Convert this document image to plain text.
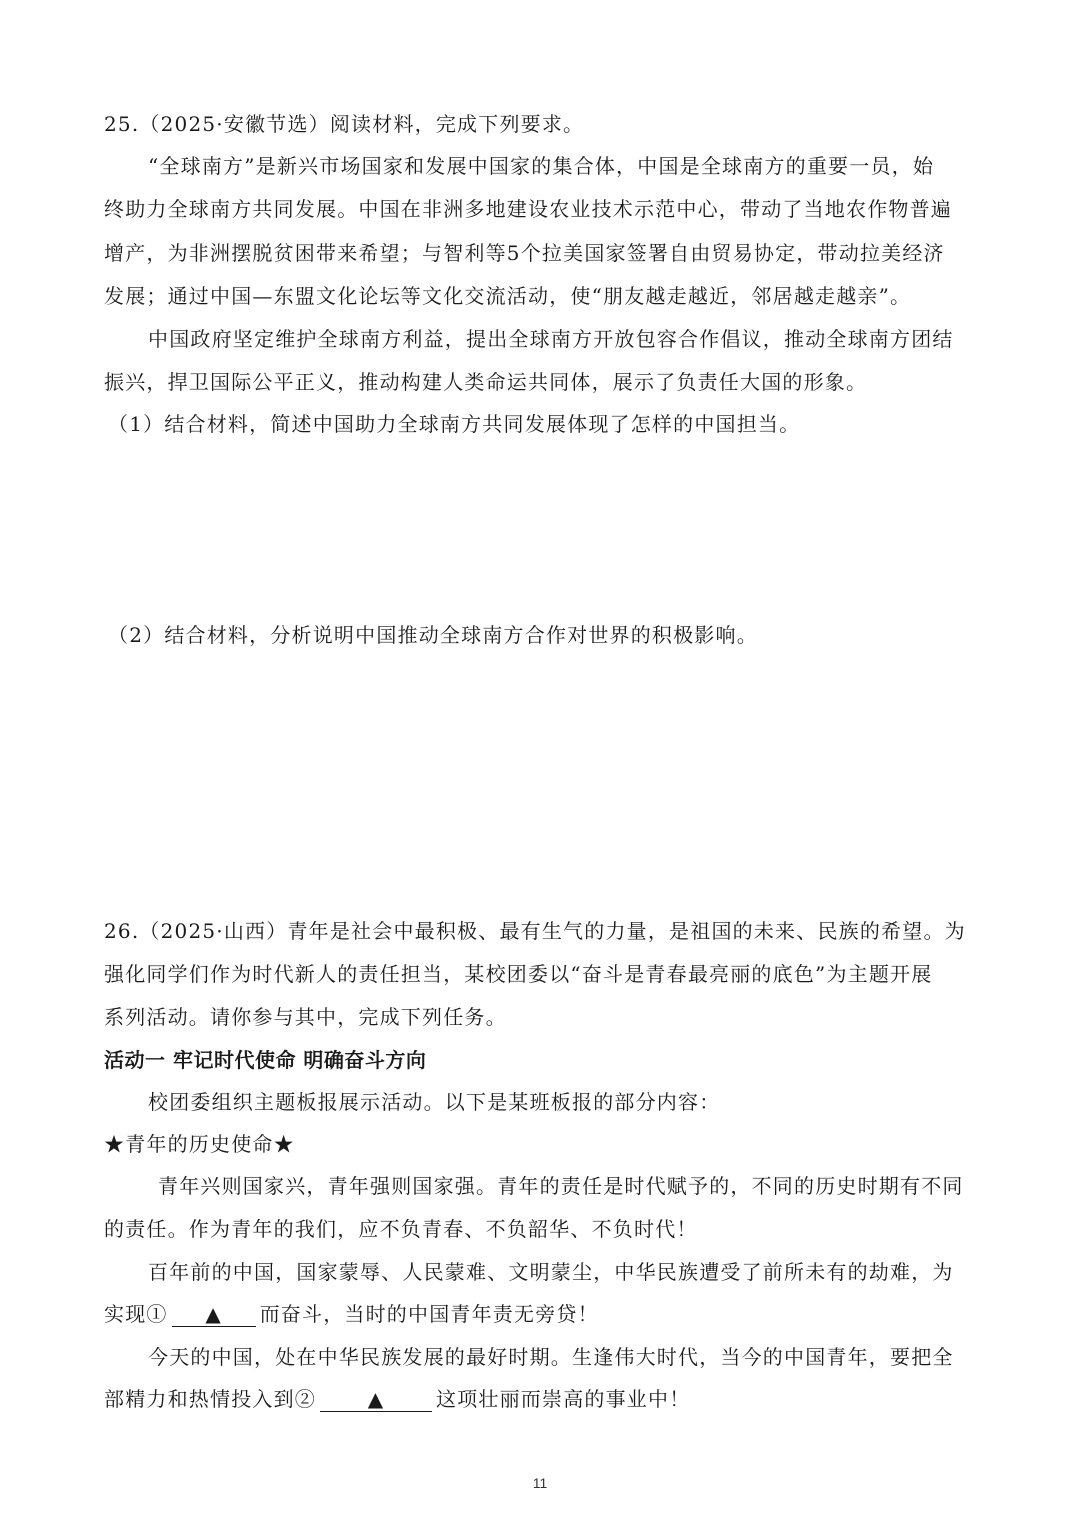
25.（2025·安徽节选）阅读材料，完成下列要求。
“全球南方”是新兴市场国家和发展中国家的集合体，中国是全球南方的重要一员，始
终助力全球南方共同发展。中国在非洲多地建设农业技术示范中心，带动了当地农作物普遍
增产，为非洲摆脱贫困带来希望；与智利等5个拉美国家签署自由贸易协定，带动拉美经济
发展；通过中国—东盟文化论坛等文化交流活动，使“朋友越走越近，邻居越走越亲”。
中国政府坚定维护全球南方利益，提出全球南方开放包容合作倡议，推动全球南方团结
振兴，捍卫国际公平正义，推动构建人类命运共同体，展示了负责任大国的形象。
（1）结合材料，简述中国助力全球南方共同发展体现了怎样的中国担当。
（2）结合材料，分析说明中国推动全球南方合作对世界的积极影响。
26.（2025·山西）青年是社会中最积极、最有生气的力量，是祖国的未来、民族的希望。为
强化同学们作为时代新人的责任担当，某校团委以“奋斗是青春最亮丽的底色”为主题开展
系列活动。请你参与其中，完成下列任务。
活动一 牢记时代使命 明确奋斗方向
校团委组织主题板报展示活动。以下是某班板报的部分内容：
★青年的历史使命★
青年兴则国家兴，青年强则国家强。青年的责任是时代赋予的，不同的历史时期有不同
的责任。作为青年的我们，应不负青春、不负韶华、不负时代！
百年前的中国，国家蒙辱、人民蒙难、文明蒙尘，中华民族遭受了前所未有的劫难，为
实现① ▲ 而奋斗，当时的中国青年责无旁贷！
今天的中国，处在中华民族发展的最好时期。生逢伟大时代，当今的中国青年，要把全
部精力和热情投入到②	▲	这项壮丽而崇高的事业中！
11
